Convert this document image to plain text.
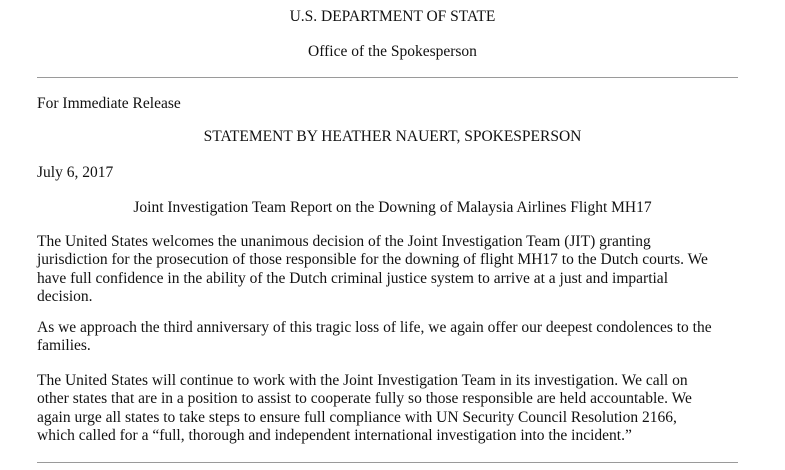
U.S. DEPARTMENT OF STATE
Office of the Spokesperson
For Immediate Release
STATEMENT BY HEATHER NAUERT, SPOKESPERSON
July 6, 2017
Joint Investigation Team Report on the Downing of Malaysia Airlines Flight MH17
The United States welcomes the unanimous decision of the Joint Investigation Team (JIT) granting
jurisdiction for the prosecution of those responsible for the downing of flight MH17 to the Dutch courts. We
have full confidence in the ability of the Dutch criminal justice system to arrive at a just and impartial
decision.
As we approach the third anniversary of this tragic loss of life, we again offer our deepest condolences to the
families.
The United States will continue to work with the Joint Investigation Team in its investigation. We call on
other states that are in a position to assist to cooperate fully so those responsible are held accountable. We
again urge all states to take steps to ensure full compliance with UN Security Council Resolution 2166,
which called for a “full, thorough and independent international investigation into the incident.”
